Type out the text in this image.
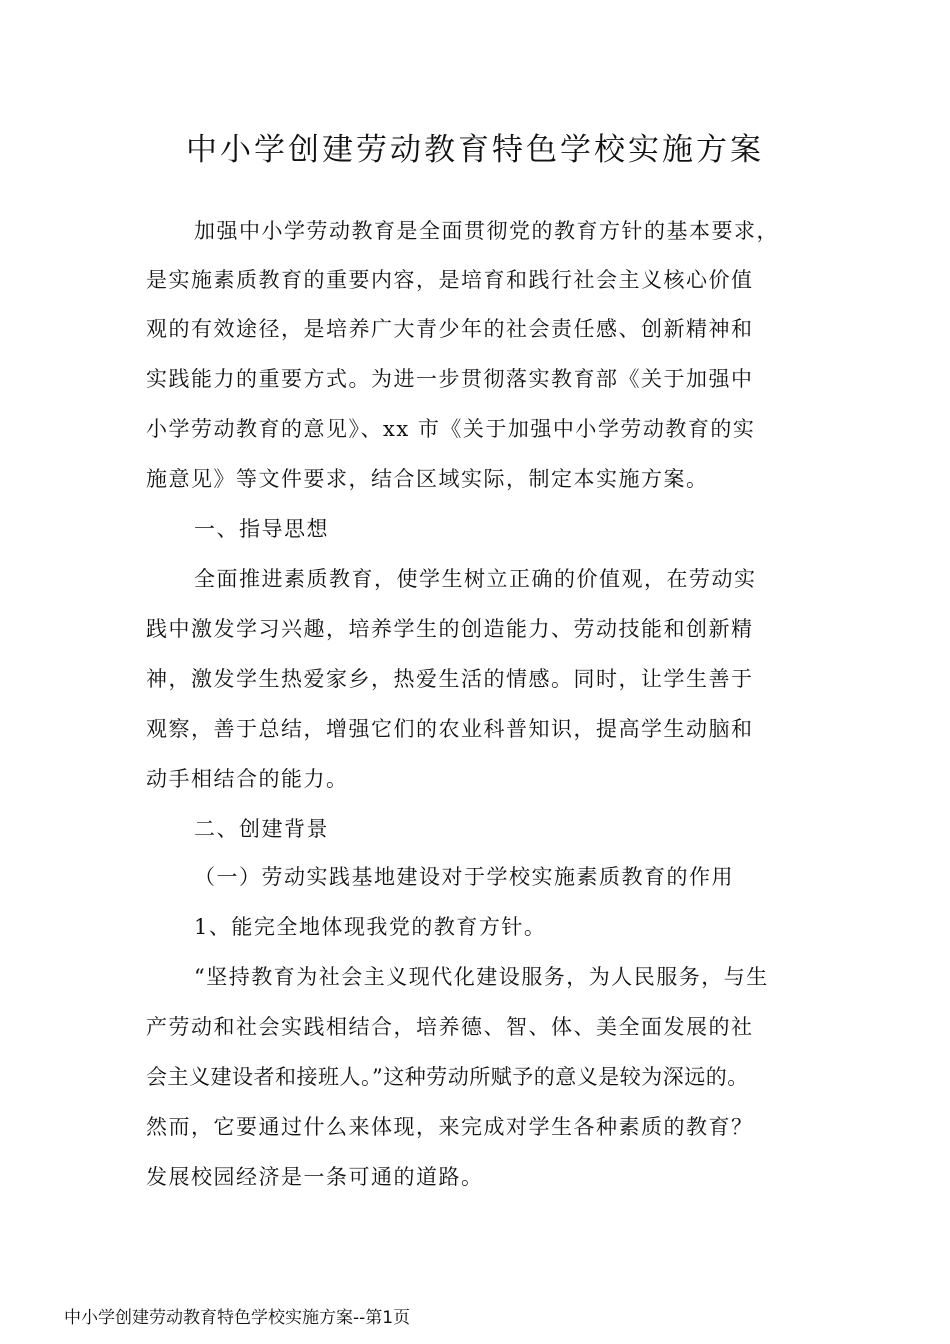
中小学创建劳动教育特色学校实施方案
加强中小学劳动教育是全面贯彻党的教育方针的基本要求，
是实施素质教育的重要内容，是培育和践行社会主义核心价值
观的有效途径，是培养广大青少年的社会责任感、创新精神和
实践能力的重要方式。为进一步贯彻落实教育部《关于加强中
小学劳动教育的意见》、xx 市《关于加强中小学劳动教育的实
施意见》等文件要求，结合区域实际，制定本实施方案。
一、指导思想
全面推进素质教育，使学生树立正确的价值观，在劳动实
践中激发学习兴趣，培养学生的创造能力、劳动技能和创新精
神，激发学生热爱家乡，热爱生活的情感。同时，让学生善于
观察，善于总结，增强它们的农业科普知识，提高学生动脑和
动手相结合的能力。
二、创建背景
（一）劳动实践基地建设对于学校实施素质教育的作用
1、能完全地体现我党的教育方针。
“坚持教育为社会主义现代化建设服务，为人民服务，与生
产劳动和社会实践相结合，培养德、智、体、美全面发展的社
会主义建设者和接班人。”这种劳动所赋予的意义是较为深远的。
然而，它要通过什么来体现，来完成对学生各种素质的教育？
发展校园经济是一条可通的道路。
中小学创建劳动教育特色学校实施方案--第1页
